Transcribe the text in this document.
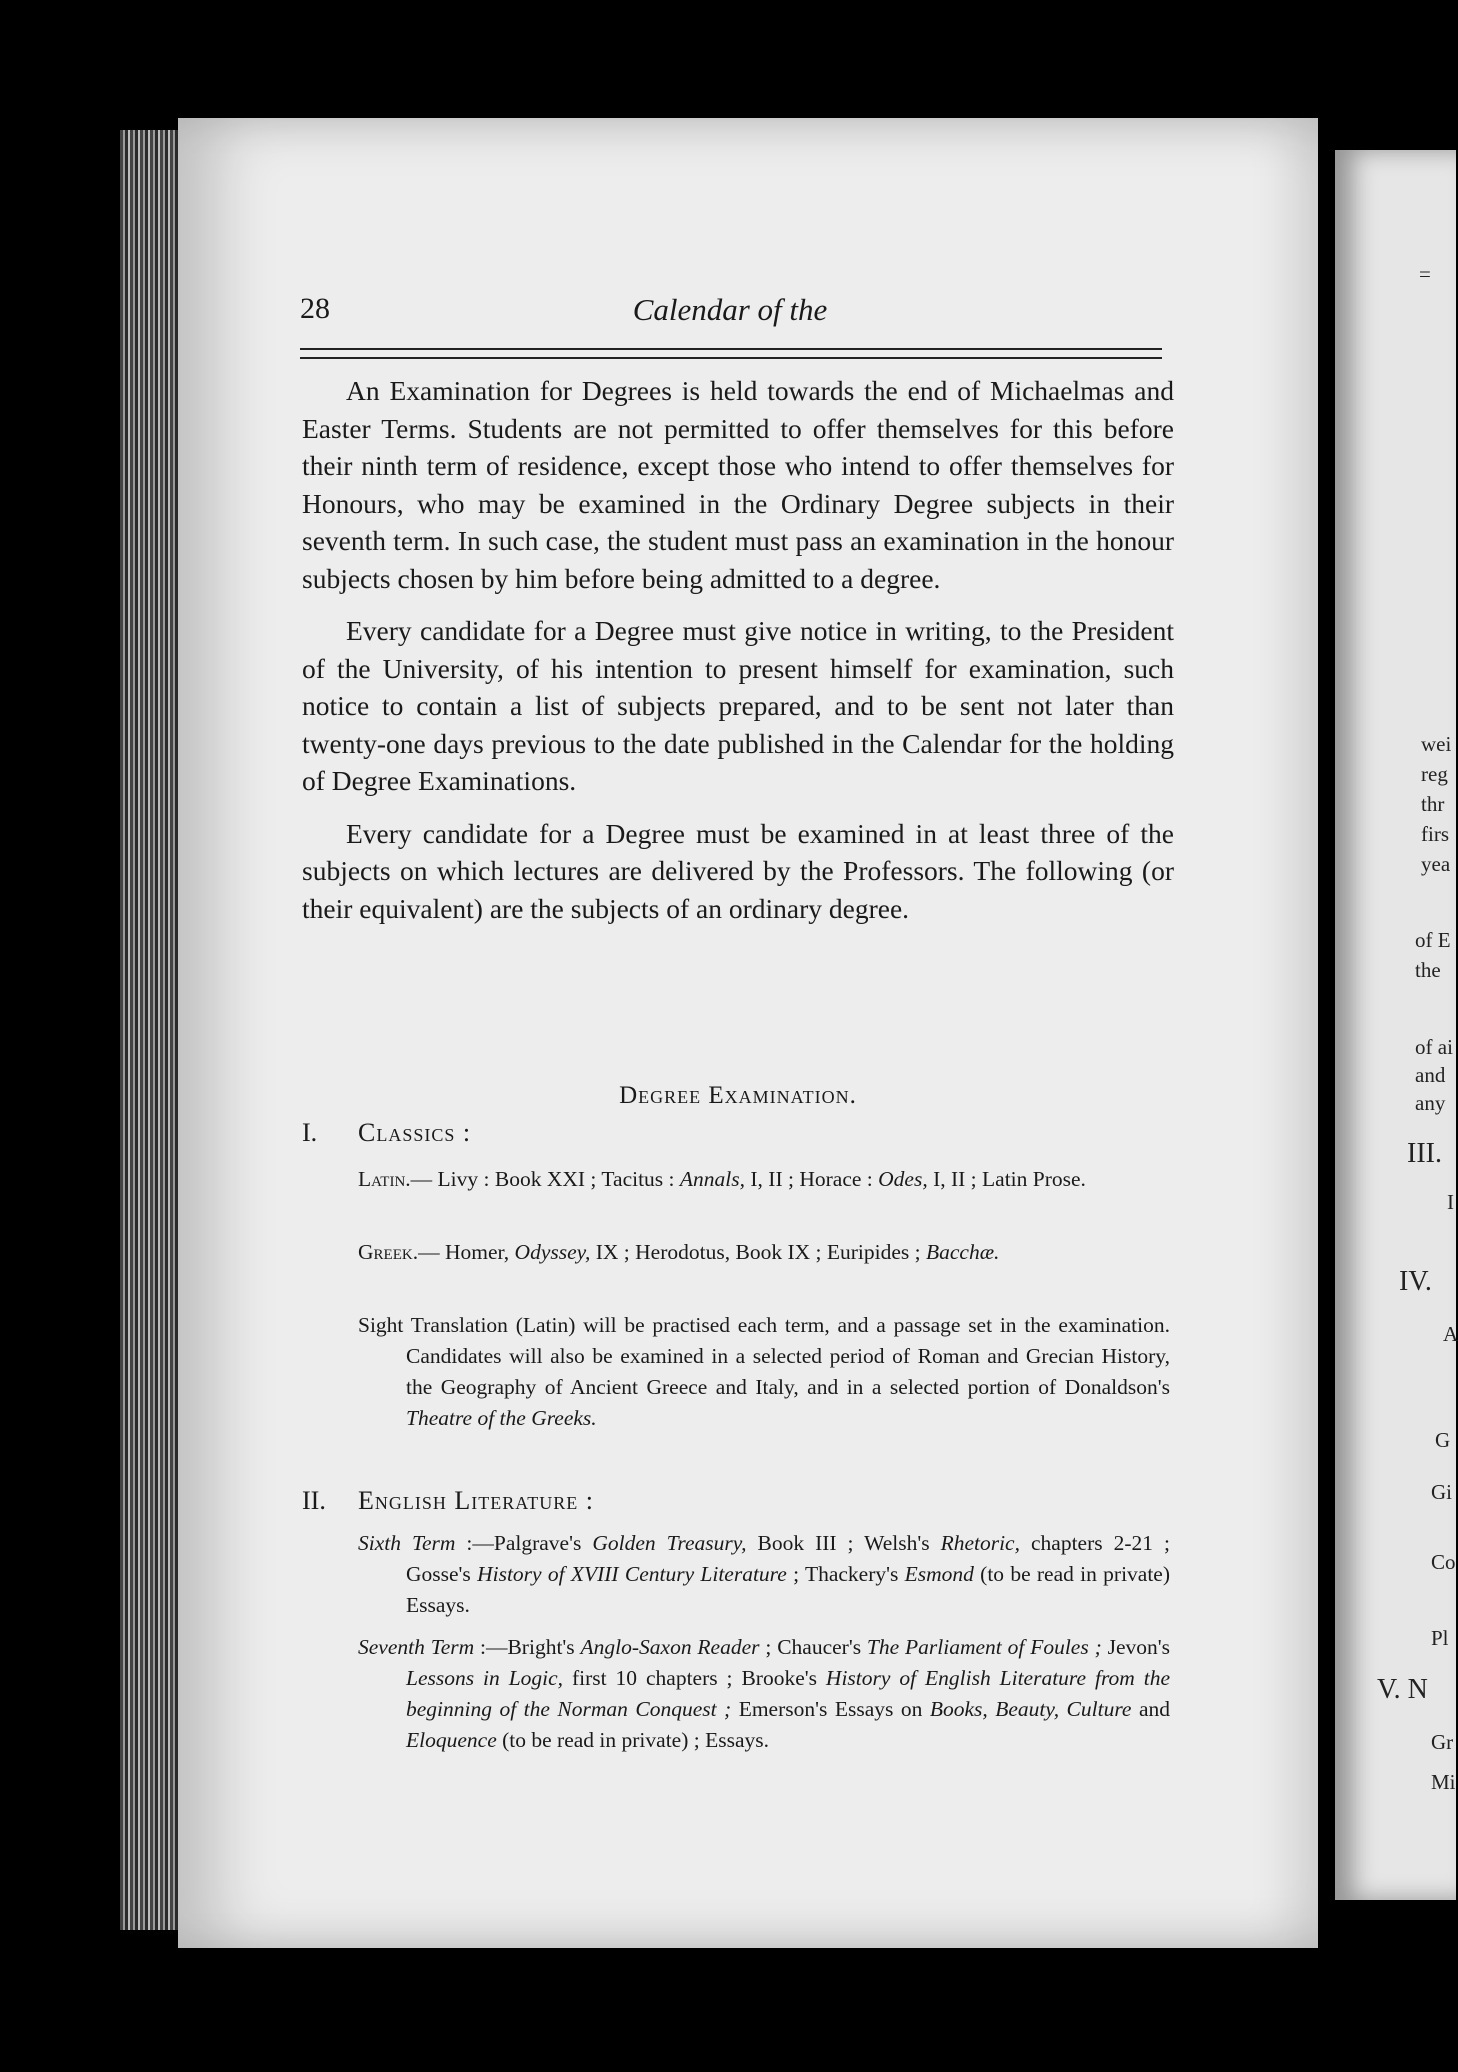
=
wei
reg
thr
firs
yea
of E
the
of ai
and
any
III.
I
IV.
A
G
Gi
Co
Pl
V. N
Gr
Mi
28	Calendar of the

An Examination for Degrees is held towards the end of Michaelmas and Easter Terms. Students are not permitted to offer themselves for this before their ninth term of residence, except those who intend to offer themselves for Honours, who may be examined in the Ordinary Degree subjects in their seventh term. In such case, the student must pass an examination in the honour subjects chosen by him before being admitted to a degree.

Every candidate for a Degree must give notice in writing, to the President of the University, of his intention to present himself for examination, such notice to contain a list of subjects prepared, and to be sent not later than twenty-one days previous to the date published in the Calendar for the holding of Degree Examinations.

Every candidate for a Degree must be examined in at least three of the subjects on which lectures are delivered by the Professors. The following (or their equivalent) are the subjects of an ordinary degree.

Degree Examination.
I. Classics :
Latin.— Livy : Book XXI ; Tacitus : Annals, I, II ; Horace : Odes, I, II ; Latin Prose.
Greek.— Homer, Odyssey, IX ; Herodotus, Book IX ; Euripides ; Bacchæ.
Sight Translation (Latin) will be practised each term, and a passage set in the examination. Candidates will also be examined in a selected period of Roman and Grecian History, the Geography of Ancient Greece and Italy, and in a selected portion of Donaldson's Theatre of the Greeks.
II. English Literature :
Sixth Term :—Palgrave's Golden Treasury, Book III ; Welsh's Rhetoric, chapters 2-21 ; Gosse's History of XVIII Century Literature ; Thackery's Esmond (to be read in private) Essays.
Seventh Term :—Bright's Anglo-Saxon Reader ; Chaucer's The Parliament of Foules ; Jevon's Lessons in Logic, first 10 chapters ; Brooke's History of English Literature from the beginning of the Norman Conquest ; Emerson's Essays on Books, Beauty, Culture and Eloquence (to be read in private) ; Essays.
